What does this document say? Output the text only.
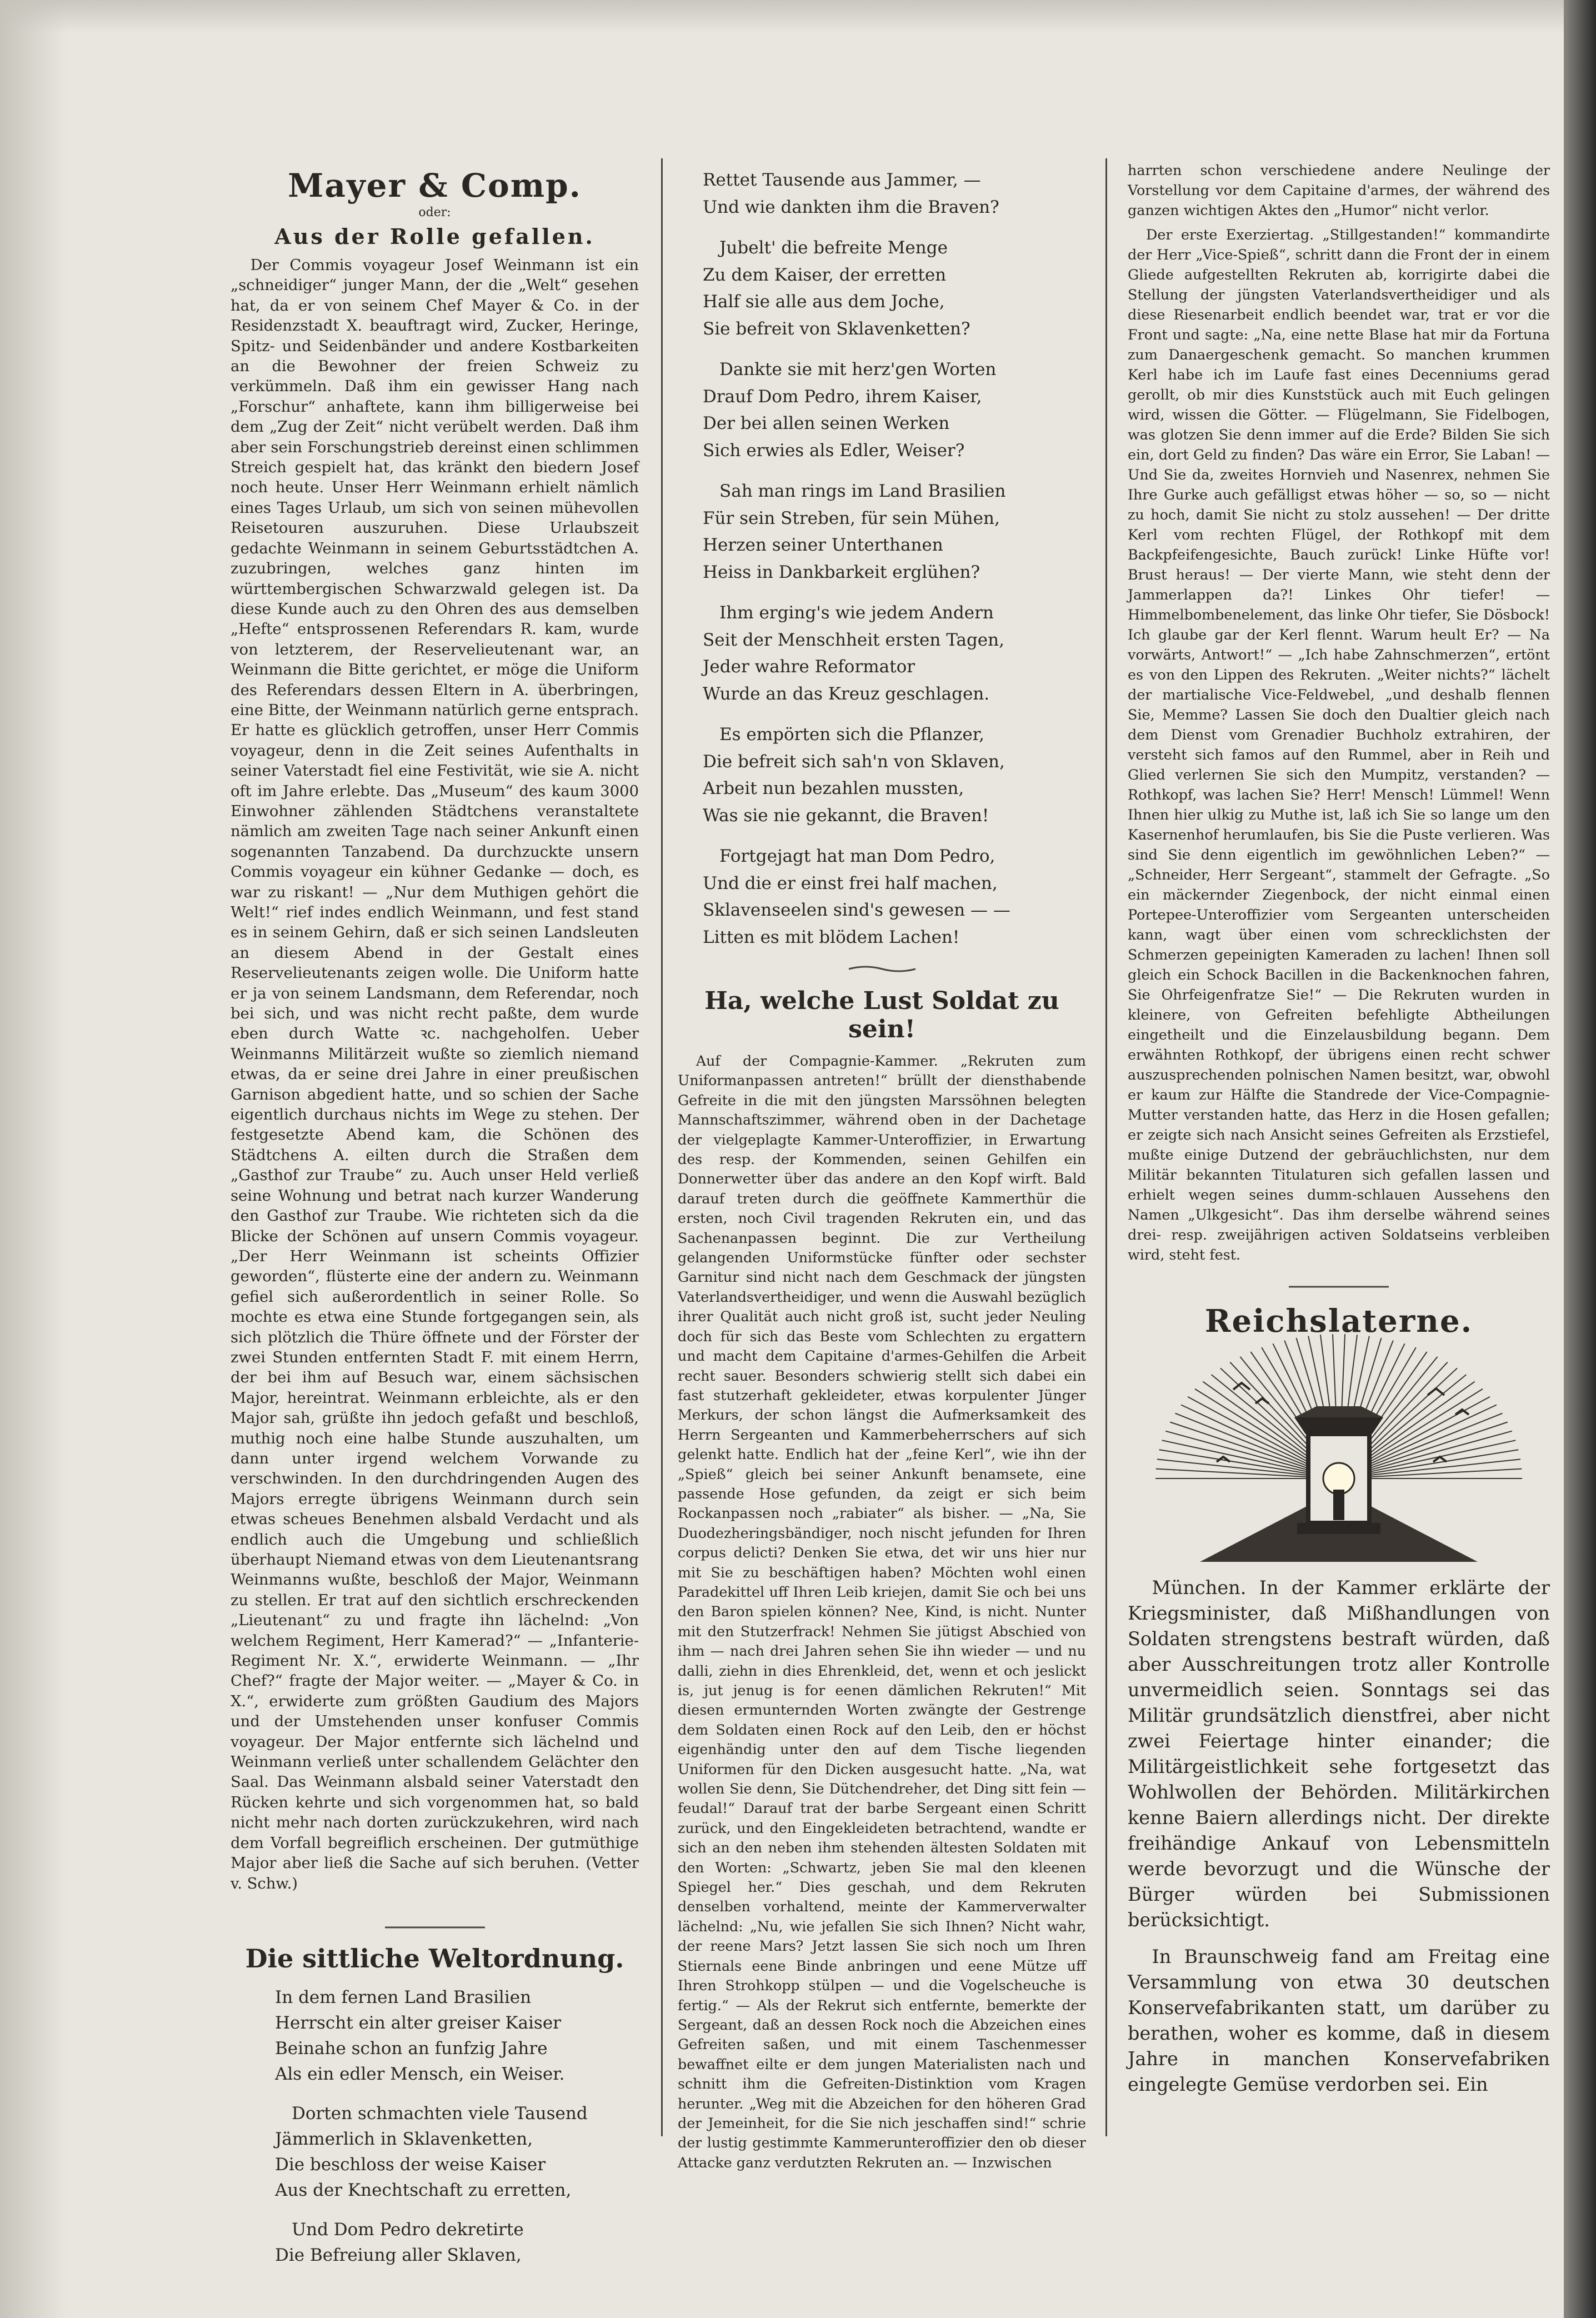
Mayer & Comp.

oder:

Aus der Rolle gefallen.

Der Commis voyageur Josef Weinmann ist ein „schneidiger“ junger Mann, der die „Welt“ gesehen hat, da er von seinem Chef Mayer & Co. in der Residenzstadt X. beauftragt wird, Zucker, Heringe, Spitz- und Seidenbänder und andere Kostbarkeiten an die Bewohner der freien Schweiz zu verkümmeln. Daß ihm ein gewisser Hang nach „Forschur“ anhaftete, kann ihm billigerweise bei dem „Zug der Zeit“ nicht verübelt werden. Daß ihm aber sein Forschungstrieb dereinst einen schlimmen Streich gespielt hat, das kränkt den biedern Josef noch heute. Unser Herr Weinmann erhielt nämlich eines Tages Urlaub, um sich von seinen mühevollen Reisetouren auszuruhen. Diese Urlaubszeit gedachte Weinmann in seinem Geburtsstädtchen A. zuzubringen, welches ganz hinten im württembergischen Schwarzwald gelegen ist. Da diese Kunde auch zu den Ohren des aus demselben „Hefte“ entsprossenen Referendars R. kam, wurde von letzterem, der Reservelieutenant war, an Weinmann die Bitte gerichtet, er möge die Uniform des Referendars dessen Eltern in A. überbringen, eine Bitte, der Weinmann natürlich gerne entsprach. Er hatte es glücklich getroffen, unser Herr Commis voyageur, denn in die Zeit seines Aufenthalts in seiner Vaterstadt fiel eine Festivität, wie sie A. nicht oft im Jahre erlebte. Das „Museum“ des kaum 3000 Einwohner zählenden Städtchens veranstaltete nämlich am zweiten Tage nach seiner Ankunft einen sogenannten Tanzabend. Da durchzuckte unsern Commis voyageur ein kühner Gedanke — doch, es war zu riskant! — „Nur dem Muthigen gehört die Welt!“ rief indes endlich Weinmann, und fest stand es in seinem Gehirn, daß er sich seinen Landsleuten an diesem Abend in der Gestalt eines Reservelieutenants zeigen wolle. Die Uniform hatte er ja von seinem Landsmann, dem Referendar, noch bei sich, und was nicht recht paßte, dem wurde eben durch Watte ꝛc. nachgeholfen. Ueber Weinmanns Militärzeit wußte so ziemlich niemand etwas, da er seine drei Jahre in einer preußischen Garnison abgedient hatte, und so schien der Sache eigentlich durchaus nichts im Wege zu stehen. Der festgesetzte Abend kam, die Schönen des Städtchens A. eilten durch die Straßen dem „Gasthof zur Traube“ zu. Auch unser Held verließ seine Wohnung und betrat nach kurzer Wanderung den Gasthof zur Traube. Wie richteten sich da die Blicke der Schönen auf unsern Commis voyageur. „Der Herr Weinmann ist scheints Offizier geworden“, flüsterte eine der andern zu. Weinmann gefiel sich außerordentlich in seiner Rolle. So mochte es etwa eine Stunde fortgegangen sein, als sich plötzlich die Thüre öffnete und der Förster der zwei Stunden entfernten Stadt F. mit einem Herrn, der bei ihm auf Besuch war, einem sächsischen Major, hereintrat. Weinmann erbleichte, als er den Major sah, grüßte ihn jedoch gefaßt und beschloß, muthig noch eine halbe Stunde auszuhalten, um dann unter irgend welchem Vorwande zu verschwinden. In den durchdringenden Augen des Majors erregte übrigens Weinmann durch sein etwas scheues Benehmen alsbald Verdacht und als endlich auch die Umgebung und schließlich überhaupt Niemand etwas von dem Lieutenantsrang Weinmanns wußte, beschloß der Major, Weinmann zu stellen. Er trat auf den sichtlich erschreckenden „Lieutenant“ zu und fragte ihn lächelnd: „Von welchem Regiment, Herr Kamerad?“ — „Infanterie-Regiment Nr. X.“, erwiderte Weinmann. — „Ihr Chef?“ fragte der Major weiter. — „Mayer & Co. in X.“, erwiderte zum größten Gaudium des Majors und der Umstehenden unser konfuser Commis voyageur. Der Major entfernte sich lächelnd und Weinmann verließ unter schallendem Gelächter den Saal. Das Weinmann alsbald seiner Vaterstadt den Rücken kehrte und sich vorgenommen hat, so bald nicht mehr nach dorten zurückzukehren, wird nach dem Vorfall begreiflich erscheinen. Der gutmüthige Major aber ließ die Sache auf sich beruhen. (Vetter v. Schw.)

Die sittliche Weltordnung.
In dem fernen Land Brasilien
Herrscht ein alter greiser Kaiser
Beinahe schon an funfzig Jahre
Als ein edler Mensch, ein Weiser.
Dorten schmachten viele Tausend
Jämmerlich in Sklavenketten,
Die beschloss der weise Kaiser
Aus der Knechtschaft zu erretten,
Und Dom Pedro dekretirte
Die Befreiung aller Sklaven,
Rettet Tausende aus Jammer, —
Und wie dankten ihm die Braven?
Jubelt' die befreite Menge
Zu dem Kaiser, der erretten
Half sie alle aus dem Joche,
Sie befreit von Sklavenketten?
Dankte sie mit herz'gen Worten
Drauf Dom Pedro, ihrem Kaiser,
Der bei allen seinen Werken
Sich erwies als Edler, Weiser?
Sah man rings im Land Brasilien
Für sein Streben, für sein Mühen,
Herzen seiner Unterthanen
Heiss in Dankbarkeit erglühen?
Ihm erging's wie jedem Andern
Seit der Menschheit ersten Tagen,
Jeder wahre Reformator
Wurde an das Kreuz geschlagen.
Es empörten sich die Pflanzer,
Die befreit sich sah'n von Sklaven,
Arbeit nun bezahlen mussten,
Was sie nie gekannt, die Braven!
Fortgejagt hat man Dom Pedro,
Und die er einst frei half machen,
Sklavenseelen sind's gewesen — —
Litten es mit blödem Lachen!
Ha, welche Lust Soldat zu sein!

Auf der Compagnie-Kammer. „Rekruten zum Uniformanpassen antreten!“ brüllt der diensthabende Gefreite in die mit den jüngsten Marssöhnen belegten Mannschaftszimmer, während oben in der Dachetage der vielgeplagte Kammer-Unteroffizier, in Erwartung des resp. der Kommenden, seinen Gehilfen ein Donnerwetter über das andere an den Kopf wirft. Bald darauf treten durch die geöffnete Kammerthür die ersten, noch Civil tragenden Rekruten ein, und das Sachenanpassen beginnt. Die zur Vertheilung gelangenden Uniformstücke fünfter oder sechster Garnitur sind nicht nach dem Geschmack der jüngsten Vaterlandsvertheidiger, und wenn die Auswahl bezüglich ihrer Qualität auch nicht groß ist, sucht jeder Neuling doch für sich das Beste vom Schlechten zu ergattern und macht dem Capitaine d'armes-Gehilfen die Arbeit recht sauer. Besonders schwierig stellt sich dabei ein fast stutzerhaft gekleideter, etwas korpulenter Jünger Merkurs, der schon längst die Aufmerksamkeit des Herrn Sergeanten und Kammerbeherrschers auf sich gelenkt hatte. Endlich hat der „feine Kerl“, wie ihn der „Spieß“ gleich bei seiner Ankunft benamsete, eine passende Hose gefunden, da zeigt er sich beim Rockanpassen noch „rabiater“ als bisher. — „Na, Sie Duodezheringsbändiger, noch nischt jefunden for Ihren corpus delicti? Denken Sie etwa, det wir uns hier nur mit Sie zu beschäftigen haben? Möchten wohl einen Paradekittel uff Ihren Leib kriejen, damit Sie och bei uns den Baron spielen können? Nee, Kind, is nicht. Nunter mit den Stutzerfrack! Nehmen Sie jütigst Abschied von ihm — nach drei Jahren sehen Sie ihn wieder — und nu dalli, ziehn in dies Ehrenkleid, det, wenn et och jeslickt is, jut jenug is for eenen dämlichen Rekruten!“ Mit diesen ermunternden Worten zwängte der Gestrenge dem Soldaten einen Rock auf den Leib, den er höchst eigenhändig unter den auf dem Tische liegenden Uniformen für den Dicken ausgesucht hatte. „Na, wat wollen Sie denn, Sie Dütchendreher, det Ding sitt fein — feudal!“ Darauf trat der barbe Sergeant einen Schritt zurück, und den Eingekleideten betrachtend, wandte er sich an den neben ihm stehenden ältesten Soldaten mit den Worten: „Schwartz, jeben Sie mal den kleenen Spiegel her.“ Dies geschah, und dem Rekruten denselben vorhaltend, meinte der Kammerverwalter lächelnd: „Nu, wie jefallen Sie sich Ihnen? Nicht wahr, der reene Mars? Jetzt lassen Sie sich noch um Ihren Stiernals eene Binde anbringen und eene Mütze uff Ihren Strohkopp stülpen — und die Vogelscheuche is fertig.“ — Als der Rekrut sich entfernte, bemerkte der Sergeant, daß an dessen Rock noch die Abzeichen eines Gefreiten saßen, und mit einem Taschenmesser bewaffnet eilte er dem jungen Materialisten nach und schnitt ihm die Gefreiten-Distinktion vom Kragen herunter. „Weg mit die Abzeichen for den höheren Grad der Jemeinheit, for die Sie nich jeschaffen sind!“ schrie der lustig gestimmte Kammerunteroffizier den ob dieser Attacke ganz verdutzten Rekruten an. — Inzwischen

harrten schon verschiedene andere Neulinge der Vorstellung vor dem Capitaine d'armes, der während des ganzen wichtigen Aktes den „Humor“ nicht verlor.

Der erste Exerziertag. „Stillgestanden!“ kommandirte der Herr „Vice-Spieß“, schritt dann die Front der in einem Gliede aufgestellten Rekruten ab, korrigirte dabei die Stellung der jüngsten Vaterlandsvertheidiger und als diese Riesenarbeit endlich beendet war, trat er vor die Front und sagte: „Na, eine nette Blase hat mir da Fortuna zum Danaergeschenk gemacht. So manchen krummen Kerl habe ich im Laufe fast eines Decenniums gerad gerollt, ob mir dies Kunststück auch mit Euch gelingen wird, wissen die Götter. — Flügelmann, Sie Fidelbogen, was glotzen Sie denn immer auf die Erde? Bilden Sie sich ein, dort Geld zu finden? Das wäre ein Error, Sie Laban! — Und Sie da, zweites Hornvieh und Nasenrex, nehmen Sie Ihre Gurke auch gefälligst etwas höher — so, so — nicht zu hoch, damit Sie nicht zu stolz aussehen! — Der dritte Kerl vom rechten Flügel, der Rothkopf mit dem Backpfeifengesichte, Bauch zurück! Linke Hüfte vor! Brust heraus! — Der vierte Mann, wie steht denn der Jammerlappen da?! Linkes Ohr tiefer! — Himmelbombenelement, das linke Ohr tiefer, Sie Dösbock! Ich glaube gar der Kerl flennt. Warum heult Er? — Na vorwärts, Antwort!“ — „Ich habe Zahnschmerzen“, ertönt es von den Lippen des Rekruten. „Weiter nichts?“ lächelt der martialische Vice-Feldwebel, „und deshalb flennen Sie, Memme? Lassen Sie doch den Dualtier gleich nach dem Dienst vom Grenadier Buchholz extrahiren, der versteht sich famos auf den Rummel, aber in Reih und Glied verlernen Sie sich den Mumpitz, verstanden? — Rothkopf, was lachen Sie? Herr! Mensch! Lümmel! Wenn Ihnen hier ulkig zu Muthe ist, laß ich Sie so lange um den Kasernenhof herumlaufen, bis Sie die Puste verlieren. Was sind Sie denn eigentlich im gewöhnlichen Leben?“ — „Schneider, Herr Sergeant“, stammelt der Gefragte. „So ein mäckernder Ziegenbock, der nicht einmal einen Portepee-Unteroffizier vom Sergeanten unterscheiden kann, wagt über einen vom schrecklichsten der Schmerzen gepeinigten Kameraden zu lachen! Ihnen soll gleich ein Schock Bacillen in die Backenknochen fahren, Sie Ohrfeigenfratze Sie!“ — Die Rekruten wurden in kleinere, von Gefreiten befehligte Abtheilungen eingetheilt und die Einzelausbildung begann. Dem erwähnten Rothkopf, der übrigens einen recht schwer auszusprechenden polnischen Namen besitzt, war, obwohl er kaum zur Hälfte die Standrede der Vice-Compagnie-Mutter verstanden hatte, das Herz in die Hosen gefallen; er zeigte sich nach Ansicht seines Gefreiten als Erzstiefel, mußte einige Dutzend der gebräuchlichsten, nur dem Militär bekannten Titulaturen sich gefallen lassen und erhielt wegen seines dumm-schlauen Aussehens den Namen „Ulkgesicht“. Das ihm derselbe während seines drei- resp. zweijährigen activen Soldatseins verbleiben wird, steht fest.

Reichslaterne.

München. In der Kammer erklärte der Kriegsminister, daß Mißhandlungen von Soldaten strengstens bestraft würden, daß aber Ausschreitungen trotz aller Kontrolle unvermeidlich seien. Sonntags sei das Militär grundsätzlich dienstfrei, aber nicht zwei Feiertage hinter einander; die Militärgeistlichkeit sehe fortgesetzt das Wohlwollen der Behörden. Militärkirchen kenne Baiern allerdings nicht. Der direkte freihändige Ankauf von Lebensmitteln werde bevorzugt und die Wünsche der Bürger würden bei Submissionen berücksichtigt.

In Braunschweig fand am Freitag eine Versammlung von etwa 30 deutschen Konservefabrikanten statt, um darüber zu berathen, woher es komme, daß in diesem Jahre in manchen Konservefabriken eingelegte Gemüse verdorben sei. Ein
